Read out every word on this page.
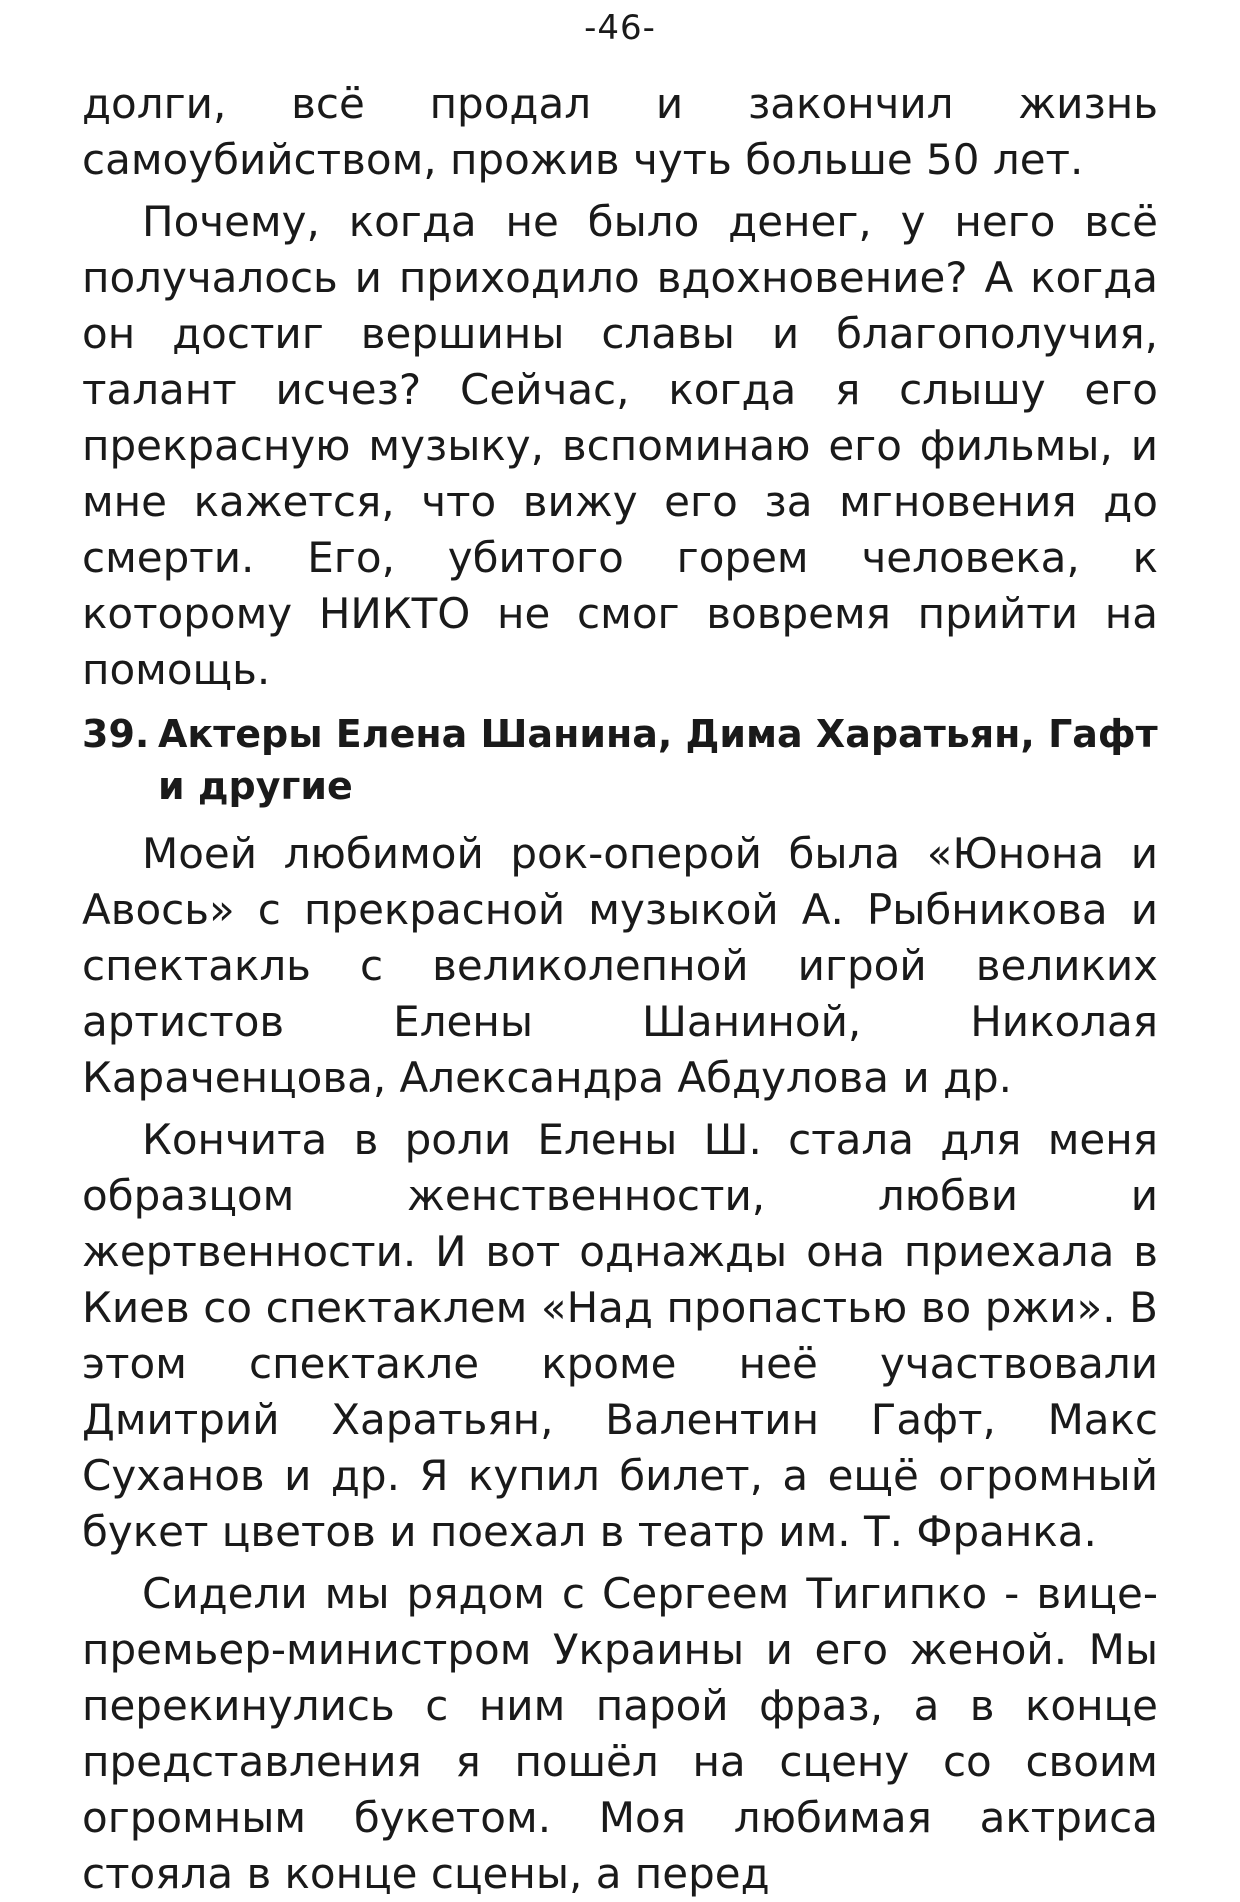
-46-

долги, всё продал и закончил жизнь самоубийством, прожив чуть больше 50 лет.

Почему, когда не было денег, у него всё получалось и приходило вдохновение? А когда он достиг вершины славы и благополучия, талант исчез? Сейчас, когда я слышу его прекрасную музыку, вспоминаю его фильмы, и мне кажется, что вижу его за мгновения до смерти. Его, убитого горем человека, к которому НИКТО не смог вовремя прийти на помощь.

39. Актеры Елена Шанина, Дима Харатьян, Гафт и другие

Моей любимой рок-оперой была «Юнона и Авось» с прекрасной музыкой А. Рыбникова и спектакль с великолепной игрой великих артистов Елены Шаниной, Николая Караченцова, Александра Абдулова и др.

Кончита в роли Елены Ш. стала для меня образцом женственности, любви и жертвенности. И вот однажды она приехала в Киев со спектаклем «Над пропастью во ржи». В этом спектакле кроме неё участвовали Дмитрий Харатьян, Валентин Гафт, Макс Суханов и др. Я купил билет, а ещё огромный букет цветов и поехал в театр им. Т. Франка.

Сидели мы рядом с Сергеем Тигипко - вице-премьер-министром Украины и его женой. Мы перекинулись с ним парой фраз, а в конце представления я пошёл на сцену со своим огромным букетом. Моя любимая актриса стояла в конце сцены, а перед
